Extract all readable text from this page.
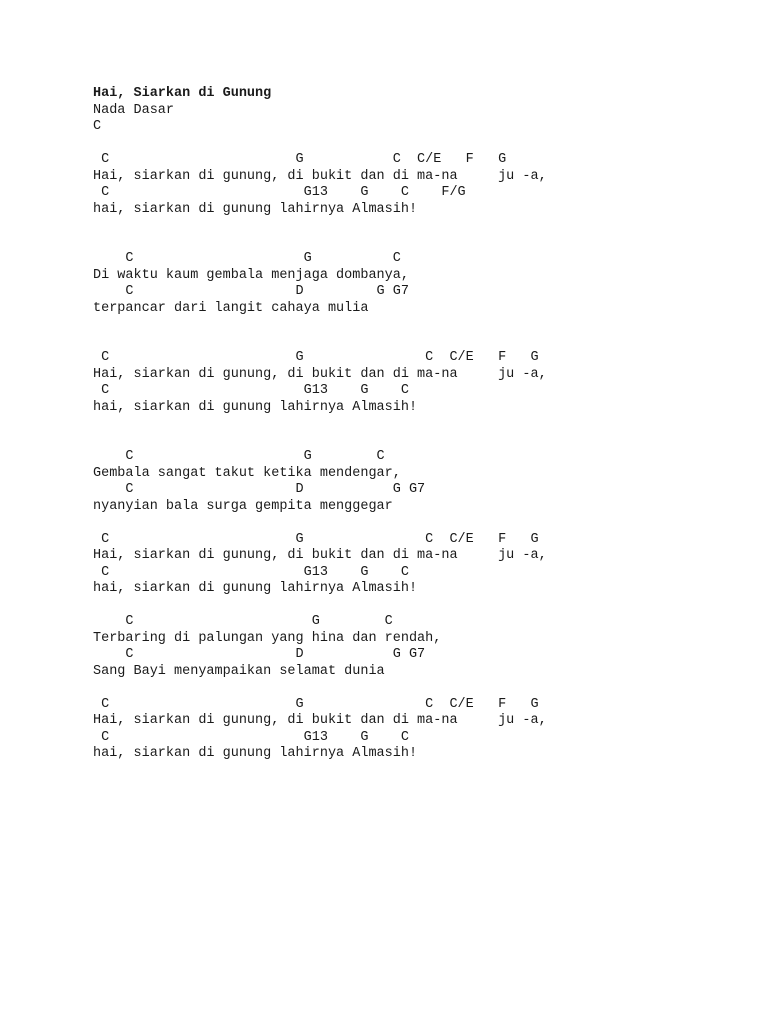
Hai, Siarkan di Gunung
Nada Dasar
C
C                       G           C  C/E   F   G
Hai, siarkan di gunung, di bukit dan di ma-na     ju -a,
C                        G13    G    C    F/G
hai, siarkan di gunung lahirnya Almasih!
C                     G          C
Di waktu kaum gembala menjaga dombanya,
C                    D         G G7
terpancar dari langit cahaya mulia
C                       G               C  C/E   F   G
Hai, siarkan di gunung, di bukit dan di ma-na     ju -a,
C                        G13    G    C
hai, siarkan di gunung lahirnya Almasih!
C                     G        C
Gembala sangat takut ketika mendengar,
C                    D           G G7
nyanyian bala surga gempita menggegar
C                       G               C  C/E   F   G
Hai, siarkan di gunung, di bukit dan di ma-na     ju -a,
C                        G13    G    C
hai, siarkan di gunung lahirnya Almasih!
C                      G        C
Terbaring di palungan yang hina dan rendah,
C                    D           G G7
Sang Bayi menyampaikan selamat dunia
C                       G               C  C/E   F   G
Hai, siarkan di gunung, di bukit dan di ma-na     ju -a,
C                        G13    G    C
hai, siarkan di gunung lahirnya Almasih!
